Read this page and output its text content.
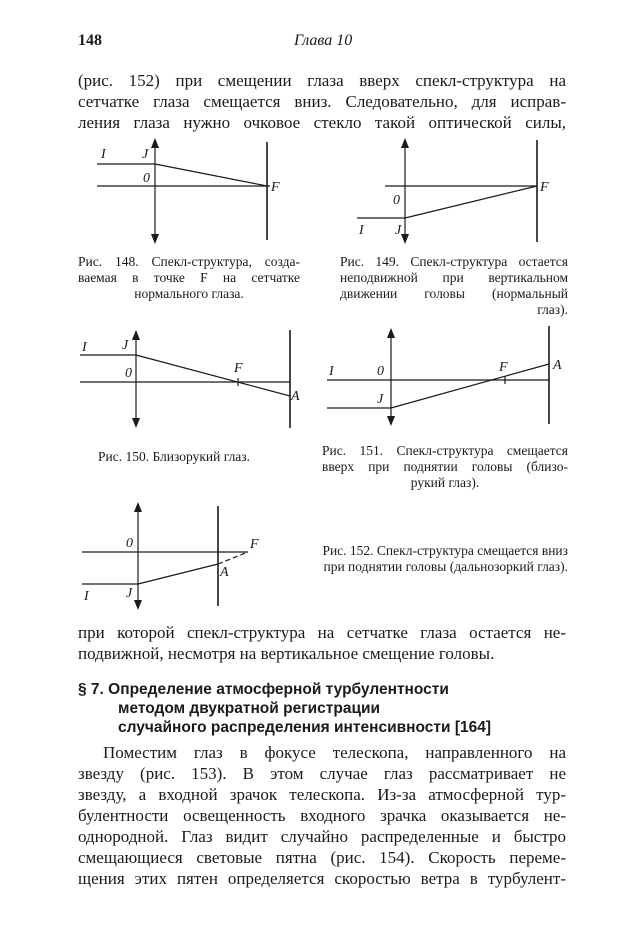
148	Глава 10
(рис. 152) при смещении глаза вверх спекл-структура на
сетчатке глаза смещается вниз. Следовательно, для исправ-
ления глаза нужно очковое стекло такой оптической силы,
I	J
0
F
Рис. 148. Спекл-структура, созда-
ваемая в точке F на сетчатке
нормального глаза.
I J
0
F
Рис. 149. Спекл-структура остается
неподвижной при вертикальном
движении головы (нормальный
глаз).
I	J
0	F
A
Рис. 150. Близорукий глаз.
I	0
J
F	A
Рис. 151. Спекл-структура смещается
вверх при поднятии головы (близо-
рукий глаз).
0
I	J
F
A
Рис. 152. Спекл-структура смещается вниз
при поднятии головы (дальнозоркий глаз).
при которой спекл-структура на сетчатке глаза остается не-
подвижной, несмотря на вертикальное смещение головы.
§ 7. Определение атмосферной турбулентности
методом двукратной регистрации
случайного распределения интенсивности [164]
Поместим глаз в фокусе телескопа, направленного на
звезду (рис. 153). В этом случае глаз рассматривает не
звезду, а входной зрачок телескопа. Из-за атмосферной тур-
булентности освещенность входного зрачка оказывается не-
однородной. Глаз видит случайно распределенные и быстро
смещающиеся световые пятна (рис. 154). Скорость переме-
щения этих пятен определяется скоростью ветра в турбулент-
